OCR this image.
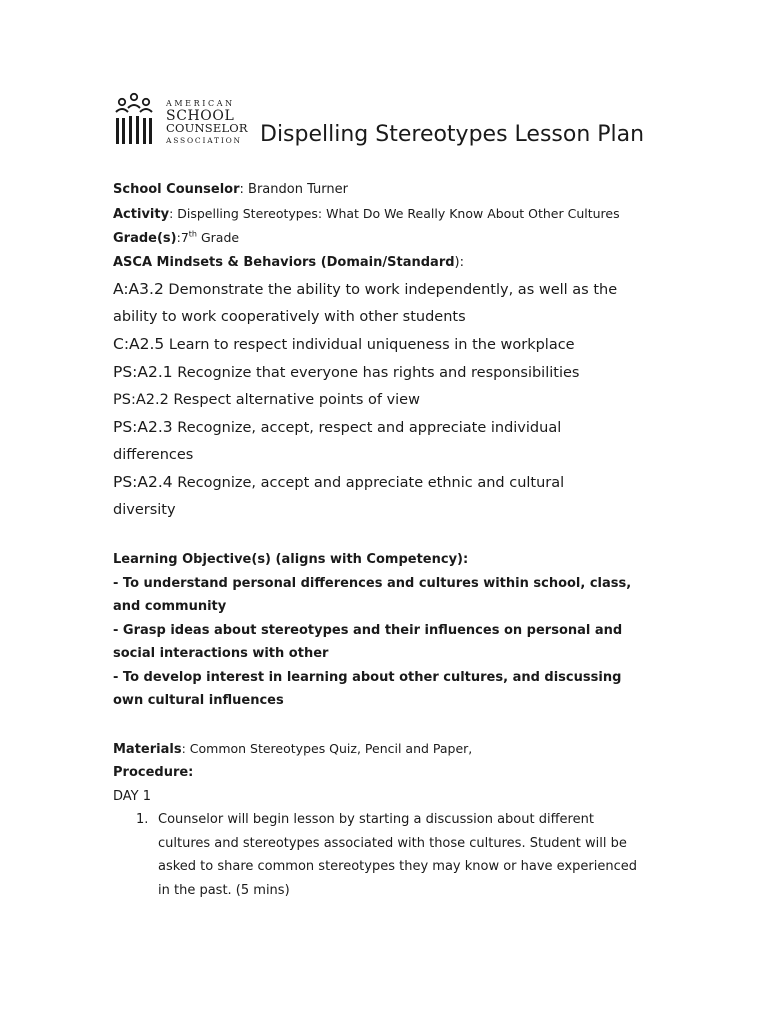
AMERICAN
SCHOOL
COUNSELOR
ASSOCIATION Dispelling Stereotypes Lesson Plan
School Counselor: Brandon Turner
Activity: Dispelling Stereotypes: What Do We Really Know About Other Cultures
Grade(s):7th Grade
ASCA Mindsets & Behaviors (Domain/Standard):
A:A3.2 Demonstrate the ability to work independently, as well as the
ability to work cooperatively with other students
C:A2.5 Learn to respect individual uniqueness in the workplace
PS:A2.1 Recognize that everyone has rights and responsibilities
PS:A2.2 Respect alternative points of view
PS:A2.3 Recognize, accept, respect and appreciate individual
differences
PS:A2.4 Recognize, accept and appreciate ethnic and cultural
diversity
Learning Objective(s) (aligns with Competency):
- To understand personal differences and cultures within school, class,
and community
- Grasp ideas about stereotypes and their influences on personal and
social interactions with other
- To develop interest in learning about other cultures, and discussing
own cultural influences
Materials: Common Stereotypes Quiz, Pencil and Paper,
Procedure:
DAY 1
1. Counselor will begin lesson by starting a discussion about different
cultures and stereotypes associated with those cultures. Student will be
asked to share common stereotypes they may know or have experienced
in the past. (5 mins)
